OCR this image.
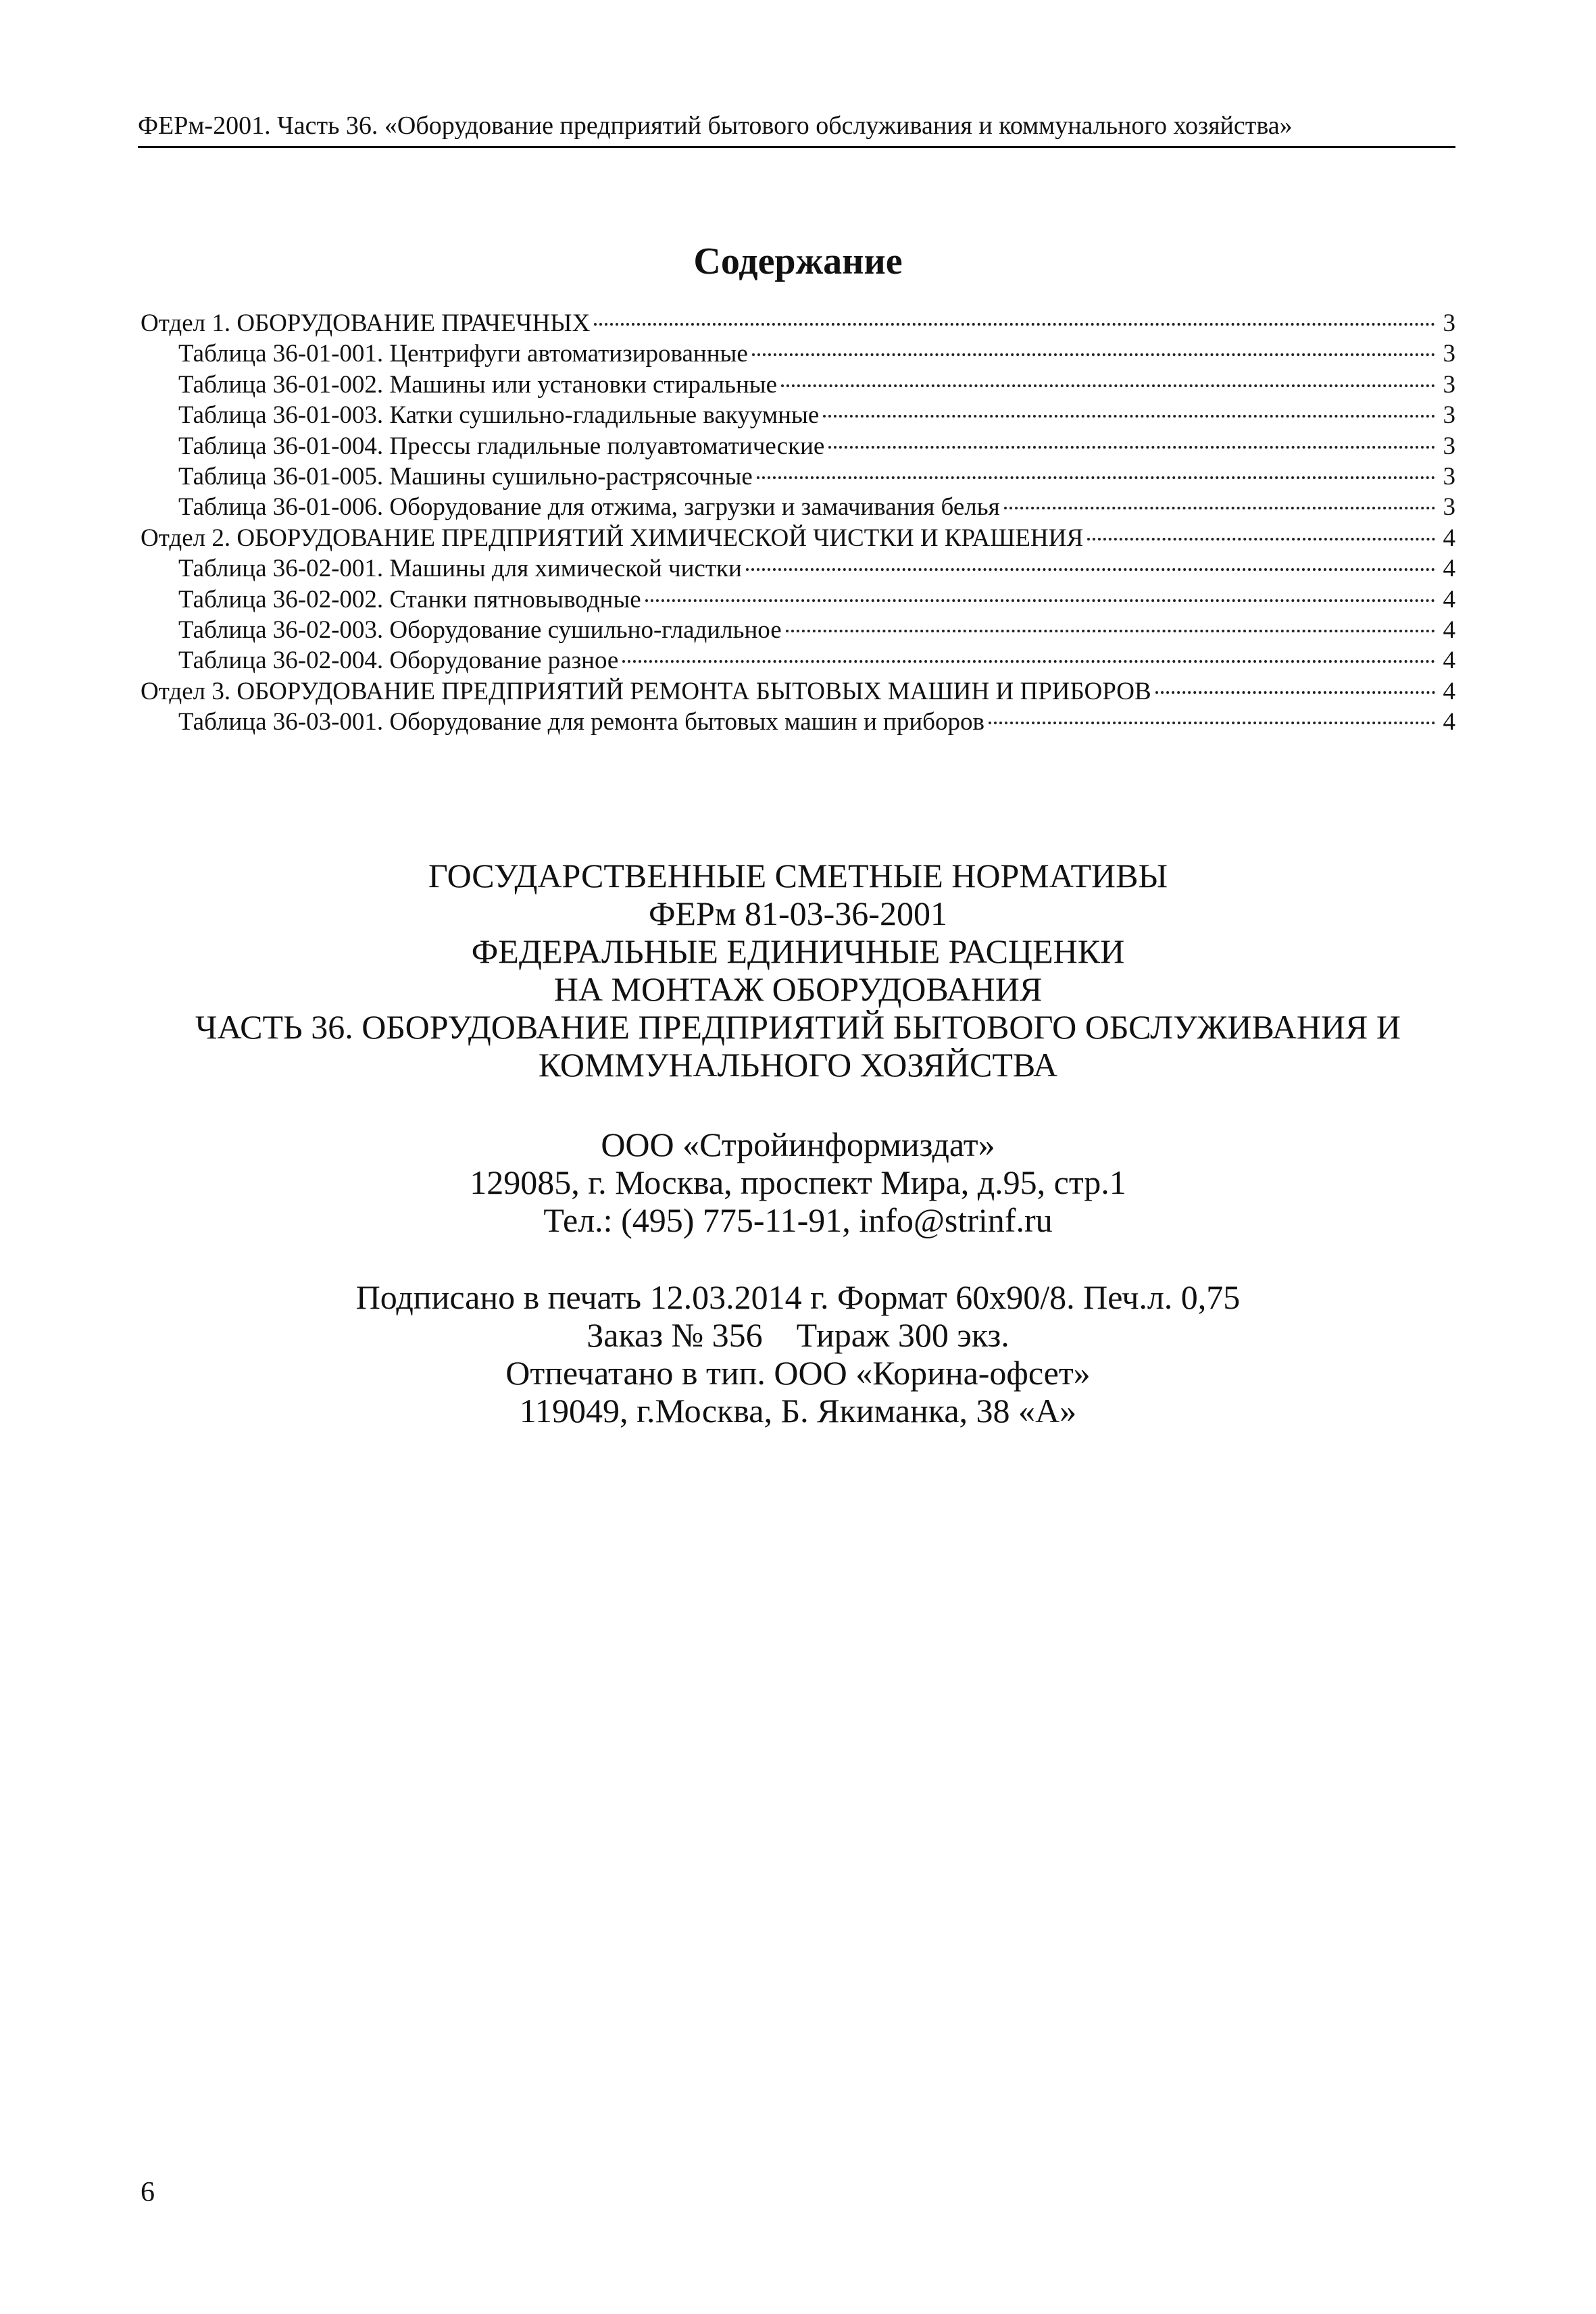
ФЕРм-2001. Часть 36. «Оборудование предприятий бытового обслуживания и коммунального хозяйства»
Содержание
Отдел 1. ОБОРУДОВАНИЕ ПРАЧЕЧНЫХ	3
Таблица 36-01-001. Центрифуги автоматизированные	3
Таблица 36-01-002. Машины или установки стиральные	3
Таблица 36-01-003. Катки сушильно-гладильные вакуумные	3
Таблица 36-01-004. Прессы гладильные полуавтоматические	3
Таблица 36-01-005. Машины сушильно-растрясочные	3
Таблица 36-01-006. Оборудование для отжима, загрузки и замачивания белья	3
Отдел 2. ОБОРУДОВАНИЕ ПРЕДПРИЯТИЙ ХИМИЧЕСКОЙ ЧИСТКИ И КРАШЕНИЯ	4
Таблица 36-02-001. Машины для химической чистки	4
Таблица 36-02-002. Станки пятновыводные	4
Таблица 36-02-003. Оборудование сушильно-гладильное	4
Таблица 36-02-004. Оборудование разное	4
Отдел 3. ОБОРУДОВАНИЕ ПРЕДПРИЯТИЙ РЕМОНТА БЫТОВЫХ МАШИН И ПРИБОРОВ	4
Таблица 36-03-001. Оборудование для ремонта бытовых машин и приборов	4
ГОСУДАРСТВЕННЫЕ СМЕТНЫЕ НОРМАТИВЫ
ФЕРм 81-03-36-2001
ФЕДЕРАЛЬНЫЕ ЕДИНИЧНЫЕ РАСЦЕНКИ
НА МОНТАЖ ОБОРУДОВАНИЯ
ЧАСТЬ 36. ОБОРУДОВАНИЕ ПРЕДПРИЯТИЙ БЫТОВОГО ОБСЛУЖИВАНИЯ И
КОММУНАЛЬНОГО ХОЗЯЙСТВА
ООО «Стройинформиздат»
129085, г. Москва, проспект Мира, д.95, стр.1
Тел.: (495) 775-11-91, info@strinf.ru
Подписано в печать 12.03.2014 г. Формат 60x90/8. Печ.л. 0,75
Заказ № 356    Тираж 300 экз.
Отпечатано в тип. ООО «Корина-офсет»
119049, г.Москва, Б. Якиманка, 38 «А»
6
